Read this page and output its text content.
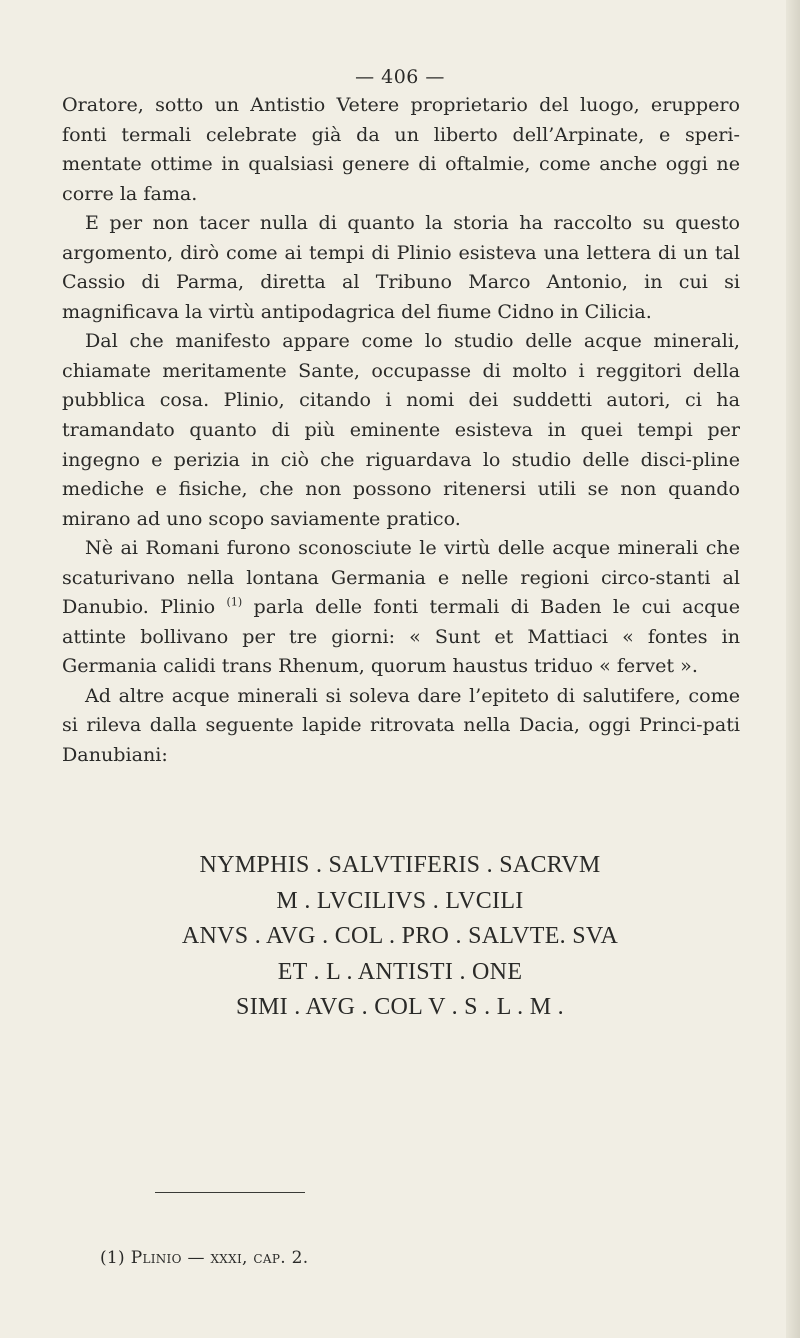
— 406 —

Oratore, sotto un Antistio Vetere proprietario del luogo, eruppero fonti termali celebrate già da un liberto dell’Arpinate, e speri-mentate ottime in qualsiasi genere di oftalmie, come anche oggi ne corre la fama.

E per non tacer nulla di quanto la storia ha raccolto su questo argomento, dirò come ai tempi di Plinio esisteva una lettera di un tal Cassio di Parma, diretta al Tribuno Marco Antonio, in cui si magnificava la virtù antipodagrica del fiume Cidno in Cilicia.

Dal che manifesto appare come lo studio delle acque minerali, chiamate meritamente Sante, occupasse di molto i reggitori della pubblica cosa. Plinio, citando i nomi dei suddetti autori, ci ha tramandato quanto di più eminente esisteva in quei tempi per ingegno e perizia in ciò che riguardava lo studio delle disci-pline mediche e fisiche, che non possono ritenersi utili se non quando mirano ad uno scopo saviamente pratico.

Nè ai Romani furono sconosciute le virtù delle acque minerali che scaturivano nella lontana Germania e nelle regioni circo-stanti al Danubio. Plinio $^{(1)}$ parla delle fonti termali di Baden le cui acque attinte bollivano per tre giorni: « Sunt et Mattiaci « fontes in Germania calidi trans Rhenum, quorum haustus triduo « fervet ».

Ad altre acque minerali si soleva dare l’epiteto di salutifere, come si rileva dalla seguente lapide ritrovata nella Dacia, oggi Princi-pati Danubiani:

NYMPHIS . SALVTIFERIS . SACRVM
M . LVCILIVS . LVCILI
ANVS . AVG . COL . PRO . SALVTE. SVA
ET . L . ANTISTI . ONE
SIMI . AVG . COL V . S . L . M .
(1) Plinio — xxxi, cap. 2.
